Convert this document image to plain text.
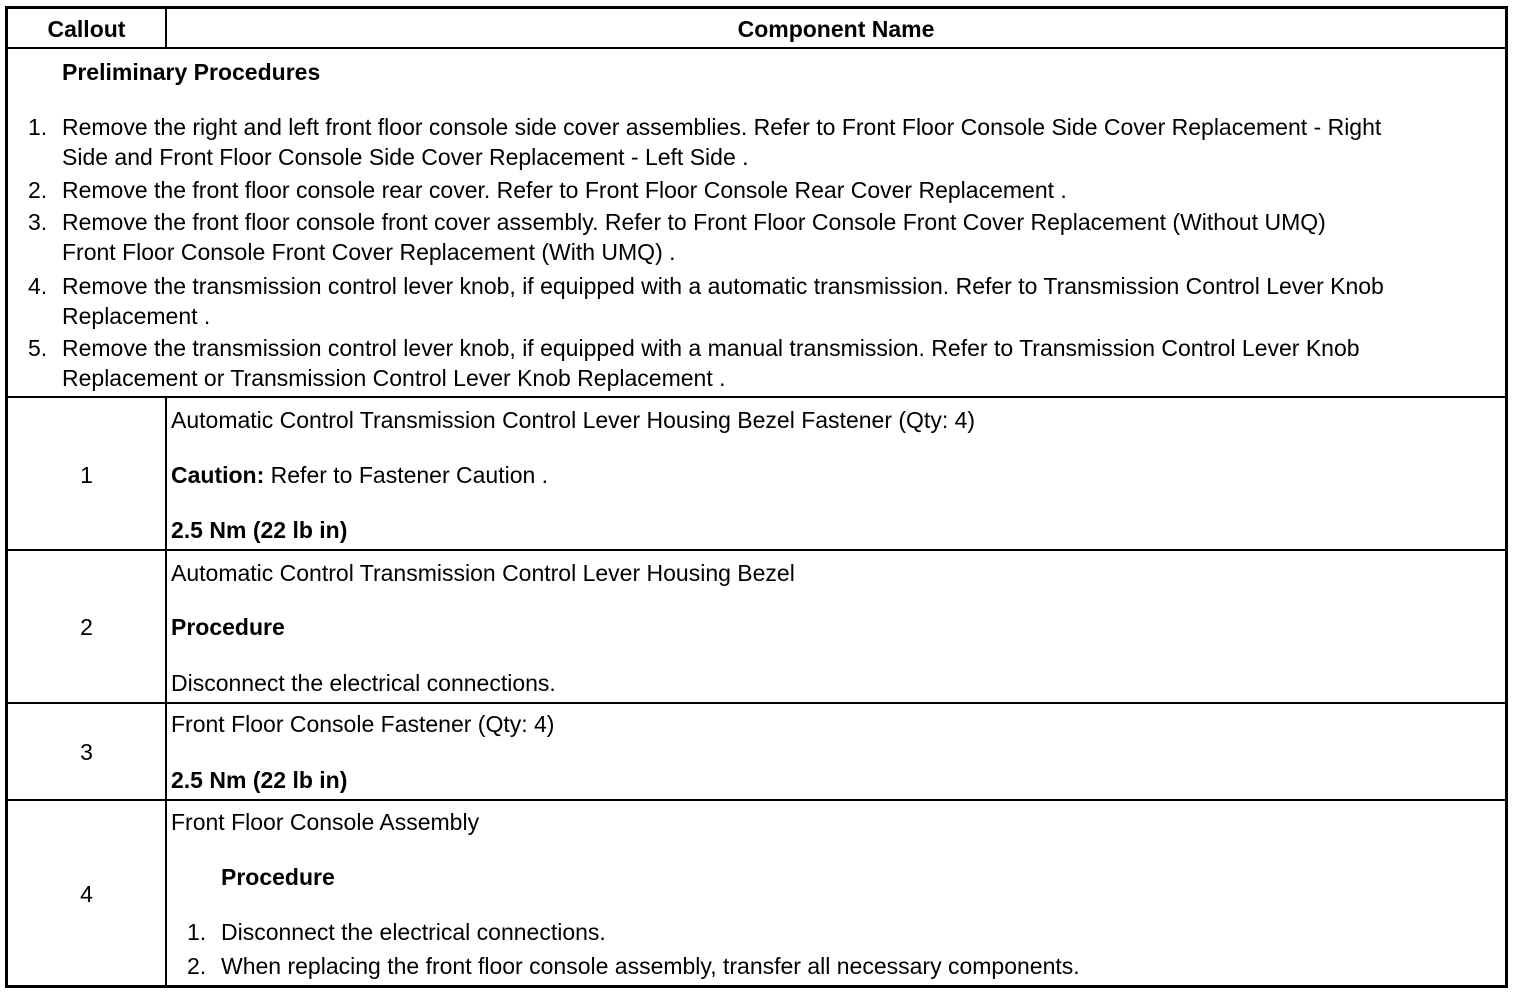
Callout	Component Name
Preliminary Procedures
1. Remove the right and left front floor console side cover assemblies. Refer to Front Floor Console Side Cover Replacement - Right
Side and Front Floor Console Side Cover Replacement - Left Side .
2. Remove the front floor console rear cover. Refer to Front Floor Console Rear Cover Replacement .
3. Remove the front floor console front cover assembly. Refer to Front Floor Console Front Cover Replacement (Without UMQ)
Front Floor Console Front Cover Replacement (With UMQ) .
4. Remove the transmission control lever knob, if equipped with a automatic transmission. Refer to Transmission Control Lever Knob
Replacement .
5. Remove the transmission control lever knob, if equipped with a manual transmission. Refer to Transmission Control Lever Knob
Replacement or Transmission Control Lever Knob Replacement .
1
Automatic Control Transmission Control Lever Housing Bezel Fastener (Qty: 4)
Caution: Refer to Fastener Caution .
2.5 Nm (22 lb in)
2
Automatic Control Transmission Control Lever Housing Bezel
Procedure
Disconnect the electrical connections.
3
Front Floor Console Fastener (Qty: 4)
2.5 Nm (22 lb in)
4
Front Floor Console Assembly
Procedure
1. Disconnect the electrical connections.
2. When replacing the front floor console assembly, transfer all necessary components.
